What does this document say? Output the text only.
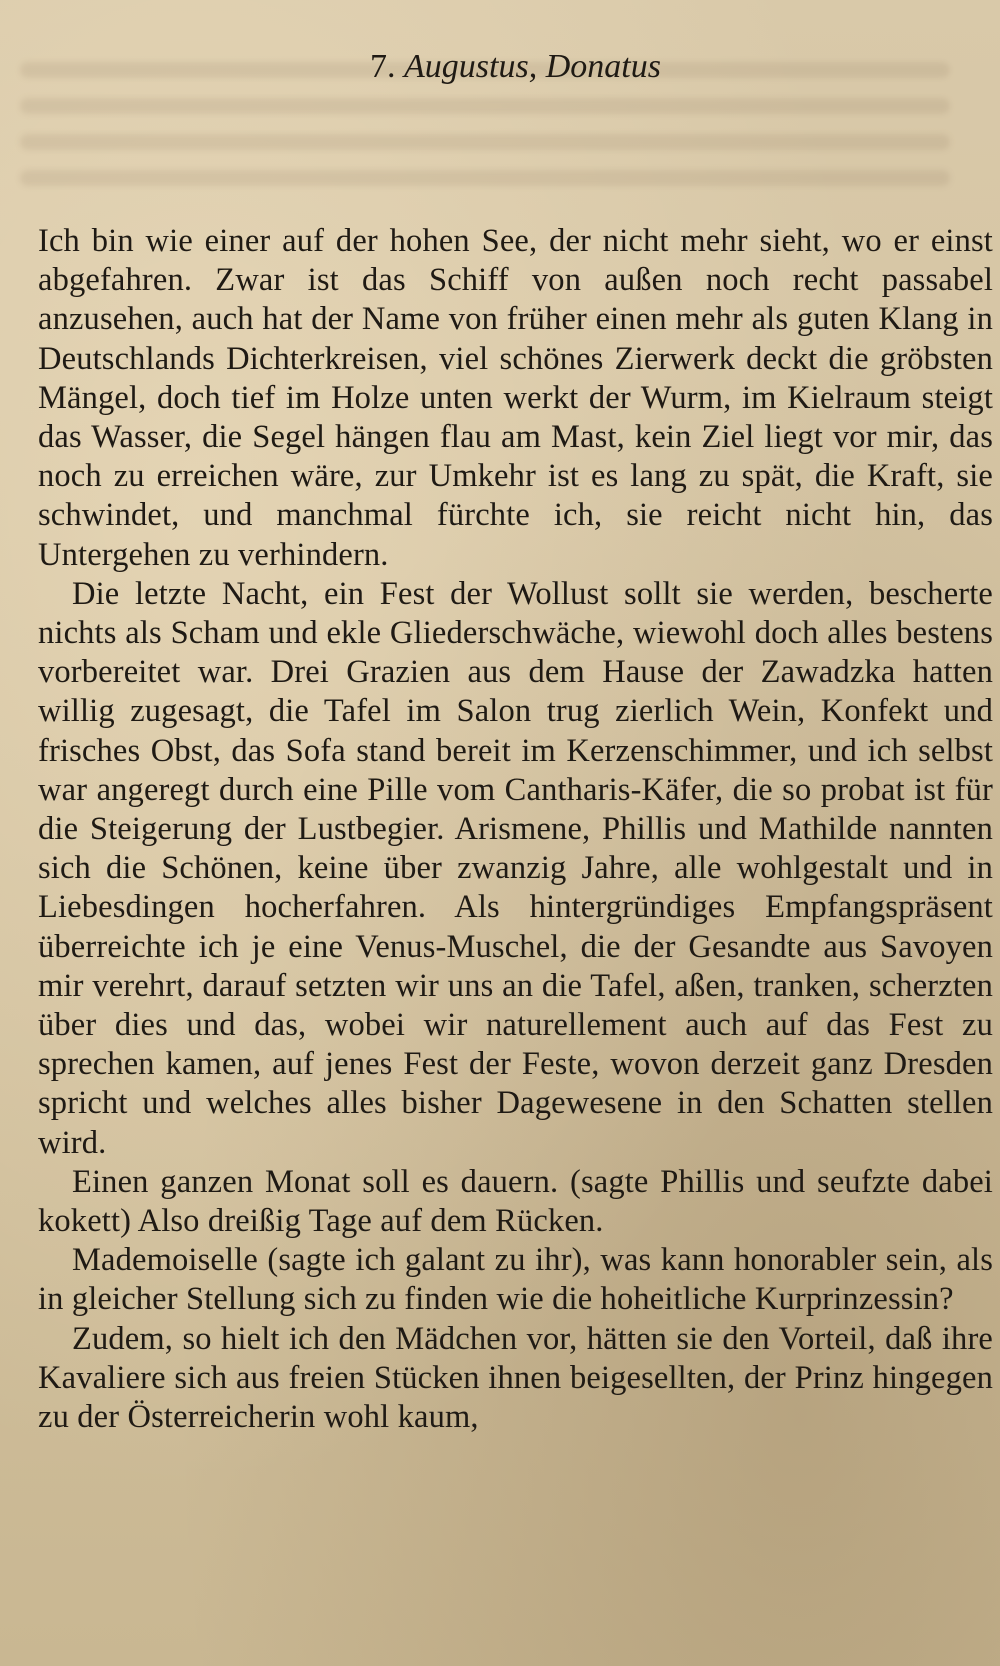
7. Augustus, Donatus

Ich bin wie einer auf der hohen See, der nicht mehr sieht, wo er einst abgefahren. Zwar ist das Schiff von außen noch recht passabel anzusehen, auch hat der Name von früher einen mehr als guten Klang in Deutschlands Dichterkreisen, viel schönes Zierwerk deckt die gröbsten Mängel, doch tief im Holze unten werkt der Wurm, im Kielraum steigt das Wasser, die Segel hängen flau am Mast, kein Ziel liegt vor mir, das noch zu erreichen wäre, zur Umkehr ist es lang zu spät, die Kraft, sie schwindet, und manchmal fürchte ich, sie reicht nicht hin, das Untergehen zu verhindern.

Die letzte Nacht, ein Fest der Wollust sollt sie werden, bescherte nichts als Scham und ekle Gliederschwäche, wiewohl doch alles bestens vorbereitet war. Drei Grazien aus dem Hause der Zawadzka hatten willig zugesagt, die Tafel im Salon trug zierlich Wein, Konfekt und frisches Obst, das Sofa stand bereit im Kerzenschimmer, und ich selbst war angeregt durch eine Pille vom Cantharis-Käfer, die so probat ist für die Steigerung der Lustbegier. Arismene, Phillis und Mathilde nannten sich die Schönen, keine über zwanzig Jahre, alle wohlgestalt und in Liebesdingen hocherfahren. Als hintergründiges Empfangspräsent überreichte ich je eine Venus-Muschel, die der Gesandte aus Savoyen mir verehrt, darauf setzten wir uns an die Tafel, aßen, tranken, scherzten über dies und das, wobei wir naturellement auch auf das Fest zu sprechen kamen, auf jenes Fest der Feste, wovon derzeit ganz Dresden spricht und welches alles bisher Dagewesene in den Schatten stellen wird.

Einen ganzen Monat soll es dauern. (sagte Phillis und seufzte dabei kokett) Also dreißig Tage auf dem Rücken.

Mademoiselle (sagte ich galant zu ihr), was kann honorabler sein, als in gleicher Stellung sich zu finden wie die hoheitliche Kurprinzessin?

Zudem, so hielt ich den Mädchen vor, hätten sie den Vorteil, daß ihre Kavaliere sich aus freien Stücken ihnen beigesellten, der Prinz hingegen zu der Österreicherin wohl kaum,
